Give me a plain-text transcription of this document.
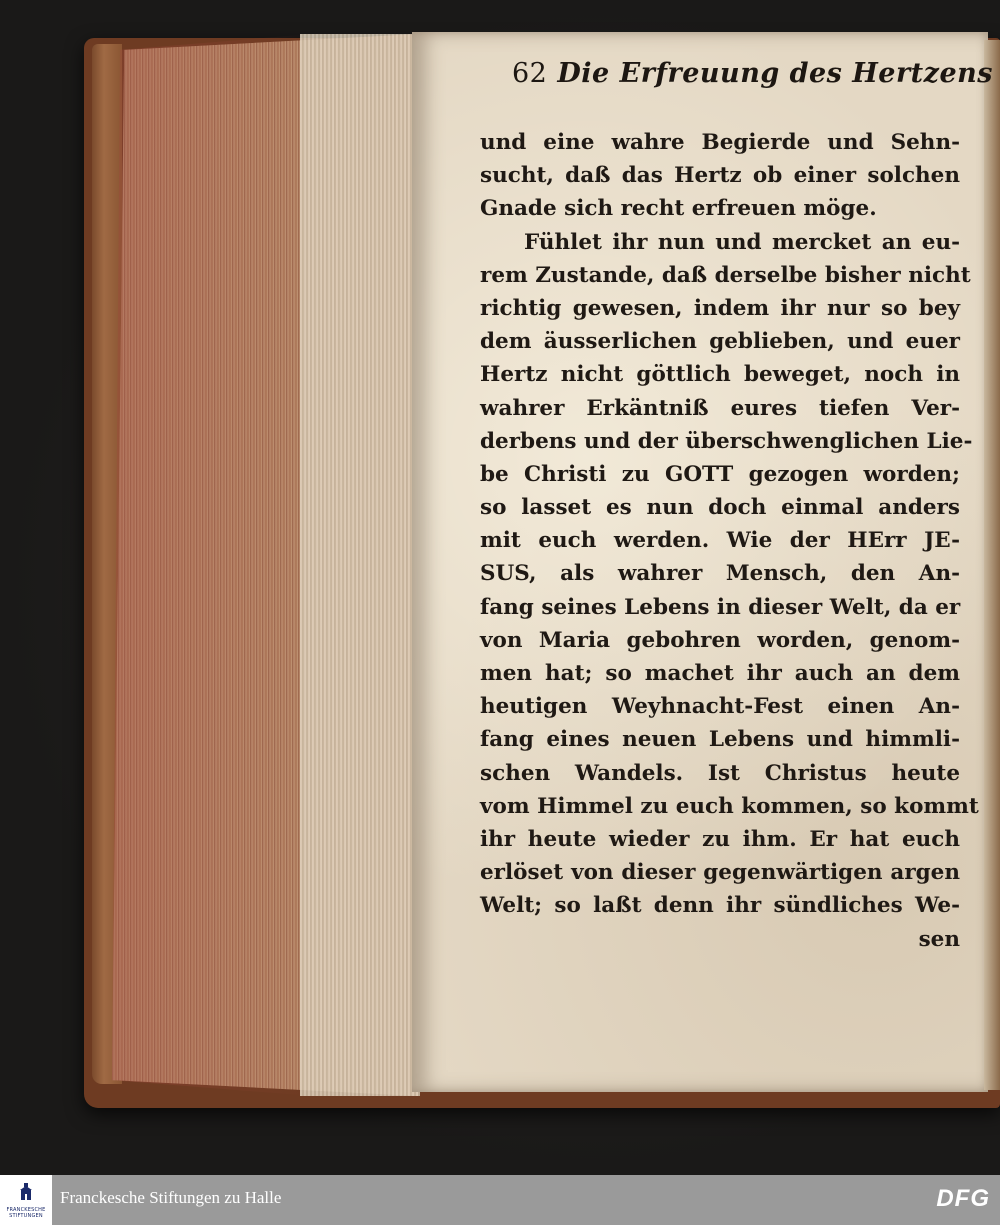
62 Die Erfreuung des Hertzens
und eine wahre Begierde und Sehn-
sucht, daß das Hertz ob einer solchen
Gnade sich recht erfreuen möge.
Fühlet ihr nun und mercket an eu-
rem Zustande, daß derselbe bisher nicht
richtig gewesen, indem ihr nur so bey
dem äusserlichen geblieben, und euer
Hertz nicht göttlich beweget, noch in
wahrer Erkäntniß eures tiefen Ver-
derbens und der überschwenglichen Lie-
be Christi zu GOTT gezogen worden;
so lasset es nun doch einmal anders
mit euch werden. Wie der HErr JE-
SUS, als wahrer Mensch, den An-
fang seines Lebens in dieser Welt, da er
von Maria gebohren worden, genom-
men hat; so machet ihr auch an dem
heutigen Weyhnacht-Fest einen An-
fang eines neuen Lebens und himmli-
schen Wandels. Ist Christus heute
vom Himmel zu euch kommen, so kommt
ihr heute wieder zu ihm. Er hat euch
erlöset von dieser gegenwärtigen argen
Welt; so laßt denn ihr sündliches We-
sen
FRANCKESCHE
STIFTUNGEN
Franckesche Stiftungen zu Halle	DFG
